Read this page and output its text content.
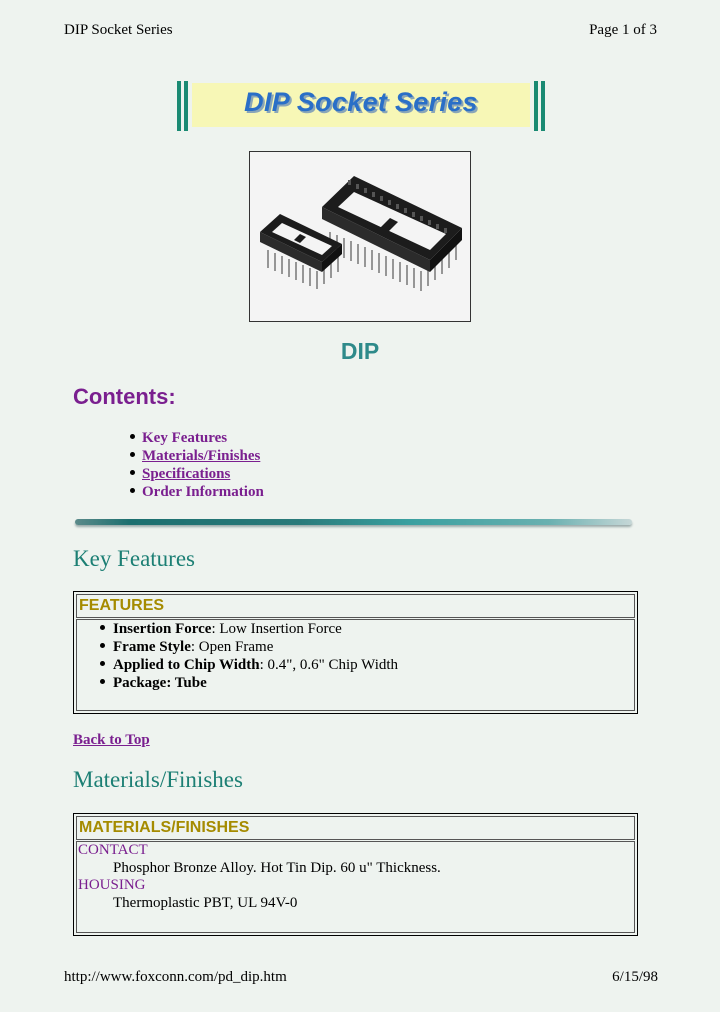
DIP Socket Series	Page 1 of 3
DIP Socket Series
DIP
Contents:
Key Features
Materials/Finishes
Specifications
Order Information
Key Features
FEATURES
Insertion Force: Low Insertion Force
Frame Style: Open Frame
Applied to Chip Width: 0.4", 0.6" Chip Width
Package: Tube
Back to Top
Materials/Finishes
MATERIALS/FINISHES
CONTACT
Phosphor Bronze Alloy. Hot Tin Dip. 60 u" Thickness.
HOUSING
Thermoplastic PBT, UL 94V-0
http://www.foxconn.com/pd_dip.htm	6/15/98
